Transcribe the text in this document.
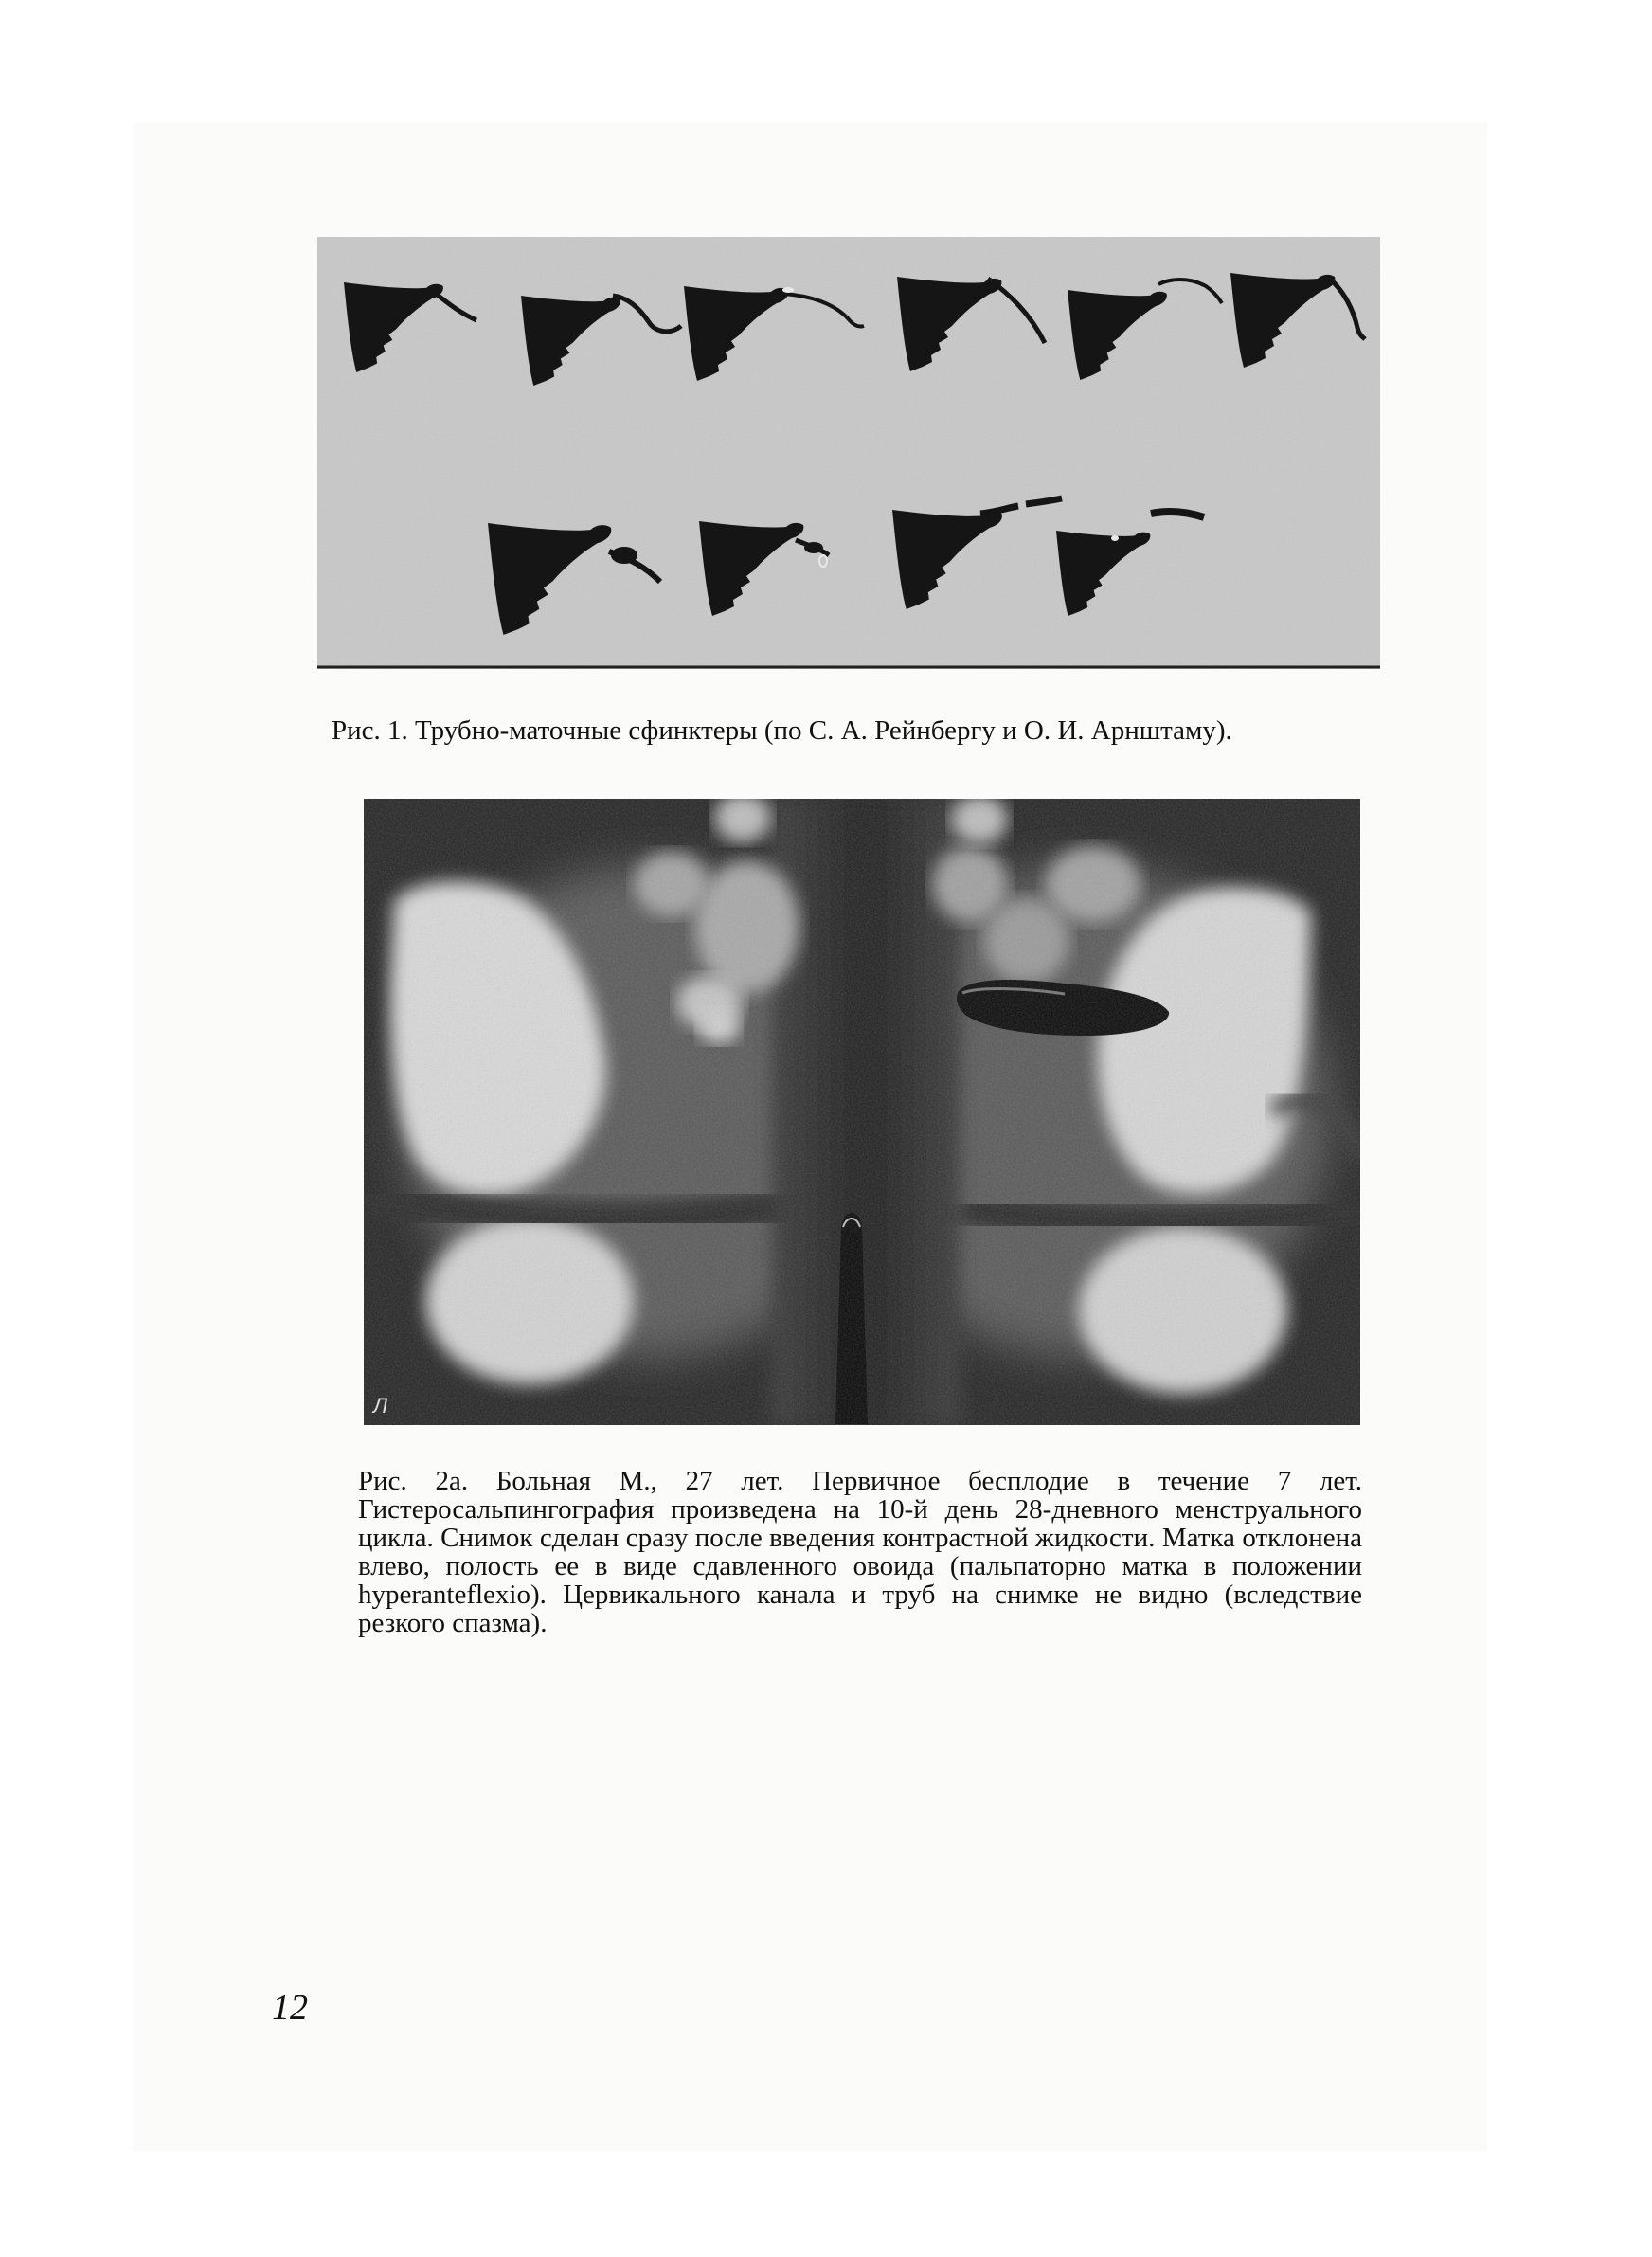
Рис. 1. Трубно-маточные сфинктеры (по С. А. Рейнбергу и О. И. Арнштаму).

Л

Рис. 2а. Больная М., 27 лет. Первичное бесплодие в течение 7 лет. Гистеросальпингография произведена на 10-й день 28-дневного менструального цикла. Снимок сделан сразу после введения контрастной жидкости. Матка отклонена влево, полость ее в виде сдавленного овоида (пальпаторно матка в положении hyperanteflexio). Цервикального канала и труб на снимке не видно (вследствие резкого спазма).

12
